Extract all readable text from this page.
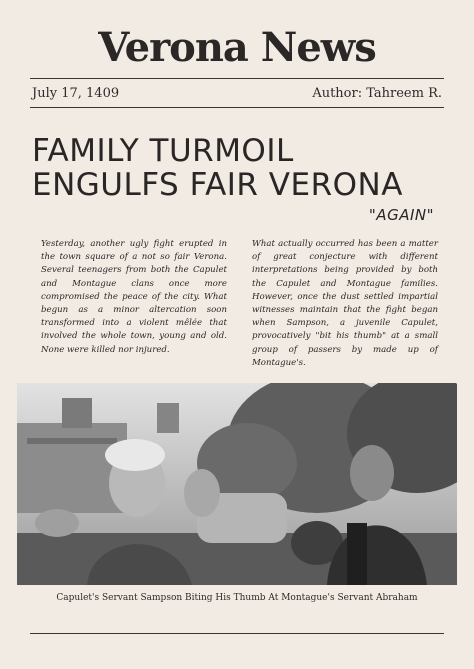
Verona News
July 17, 1409	Author: Tahreem R.
FAMILY TURMOIL
ENGULFS FAIR VERONA
"AGAIN"
Yesterday, another ugly fight erupted in the town square of a not so fair Verona. Several teenagers from both the Capulet and Montague clans once more compromised the peace of the city. What begun as a minor altercation soon transformed into a violent mêlée that involved the whole town, young and old. None were killed nor injured.
What actually occurred has been a matter of great conjecture with different interpretations being provided by both the Capulet and Montague families. However, once the dust settled impartial witnesses maintain that the fight began when Sampson, a juvenile Capulet, provocatively "bit his thumb" at a small group of passers by made up of Montague's.
Capulet's Servant Sampson Biting His Thumb At Montague's Servant Abraham
